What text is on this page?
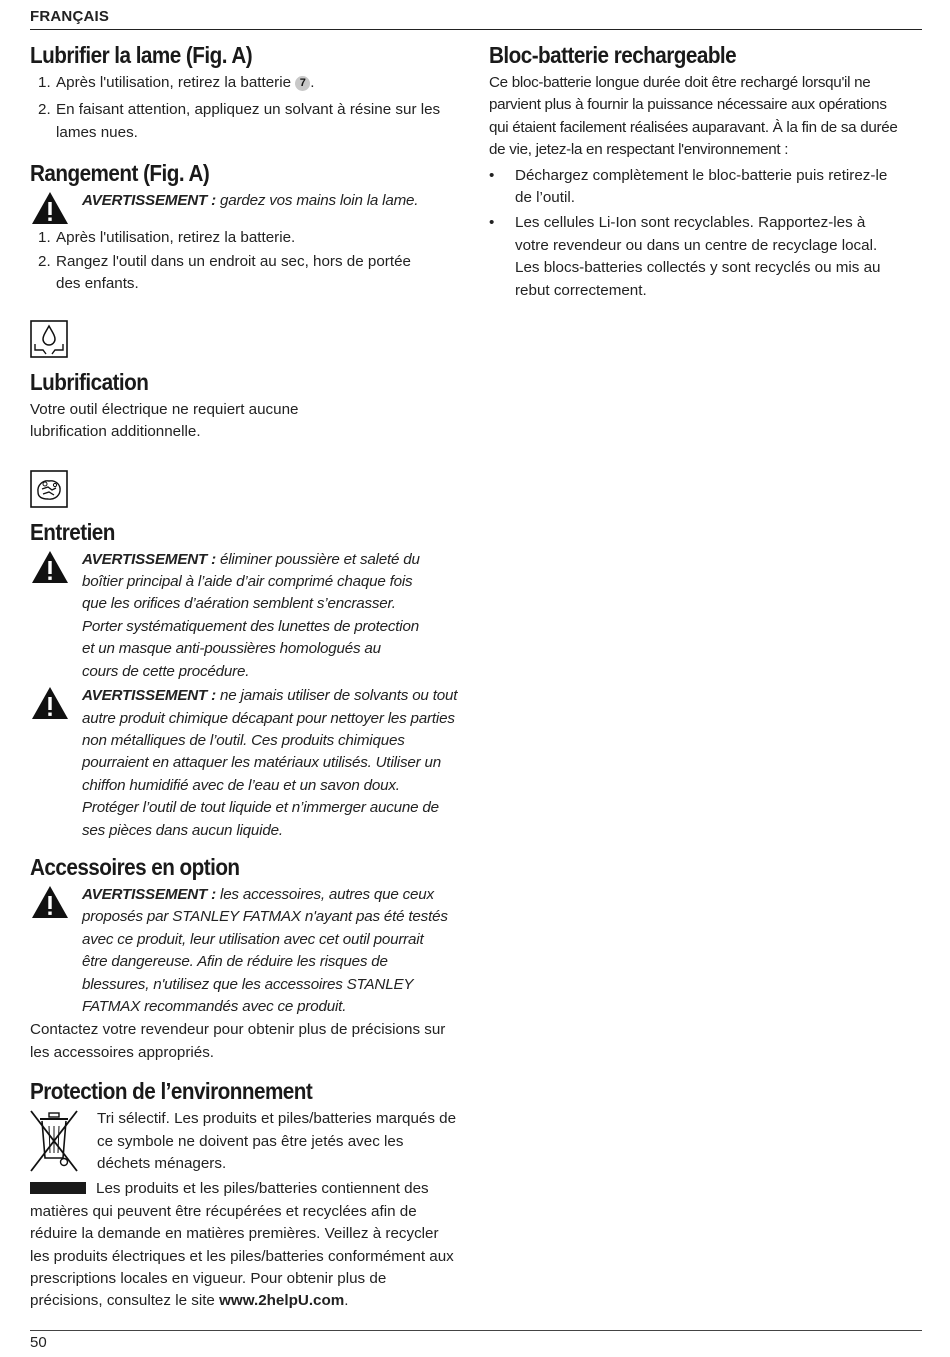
FRANÇAIS
Lubrifier la lame (Fig. A)
1. Après l'utilisation, retirez la batterie 7 .
2. En faisant attention, appliquez un solvant à résine sur les lames nues.
Rangement (Fig. A)

AVERTISSEMENT : gardez vos mains loin la lame.

1. Après l'utilisation, retirez la batterie.
2. Rangez l'outil dans un endroit au sec, hors de portée des enfants.
Lubrification

Votre outil électrique ne requiert aucune lubrification additionnelle.

Entretien

AVERTISSEMENT : éliminer poussière et saleté du boîtier principal à l’aide d’air comprimé chaque fois que les orifices d’aération semblent s’encrasser. Porter systématiquement des lunettes de protection et un masque anti-poussières homologués au cours de cette procédure.

AVERTISSEMENT : ne jamais utiliser de solvants ou tout autre produit chimique décapant pour nettoyer les parties non métalliques de l’outil. Ces produits chimiques pourraient en attaquer les matériaux utilisés. Utiliser un chiffon humidifié avec de l’eau et un savon doux. Protéger l’outil de tout liquide et n’immerger aucune de ses pièces dans aucun liquide.

Accessoires en option

AVERTISSEMENT : les accessoires, autres que ceux proposés par STANLEY FATMAX n'ayant pas été testés avec ce produit, leur utilisation avec cet outil pourrait être dangereuse. Afin de réduire les risques de blessures, n'utilisez que les accessoires STANLEY FATMAX recommandés avec ce produit.

Contactez votre revendeur pour obtenir plus de précisions sur les accessoires appropriés.

Protection de l’environnement

Tri sélectif. Les produits et piles/batteries marqués de ce symbole ne doivent pas être jetés avec les déchets ménagers.

Les produits et les piles/batteries contiennent des matières qui peuvent être récupérées et recyclées afin de réduire la demande en matières premières. Veillez à recycler les produits électriques et les piles/batteries conformément aux prescriptions locales en vigueur. Pour obtenir plus de précisions, consultez le site www.2helpU.com.

Bloc-batterie rechargeable

Ce bloc-batterie longue durée doit être rechargé lorsqu'il ne parvient plus à fournir la puissance nécessaire aux opérations qui étaient facilement réalisées auparavant. À la fin de sa durée de vie, jetez-la en respectant l'environnement :

• Déchargez complètement le bloc-batterie puis retirez-le de l’outil.
• Les cellules Li-Ion sont recyclables. Rapportez-les à votre revendeur ou dans un centre de recyclage local. Les blocs-batteries collectés y sont recyclés ou mis au rebut correctement.
50
